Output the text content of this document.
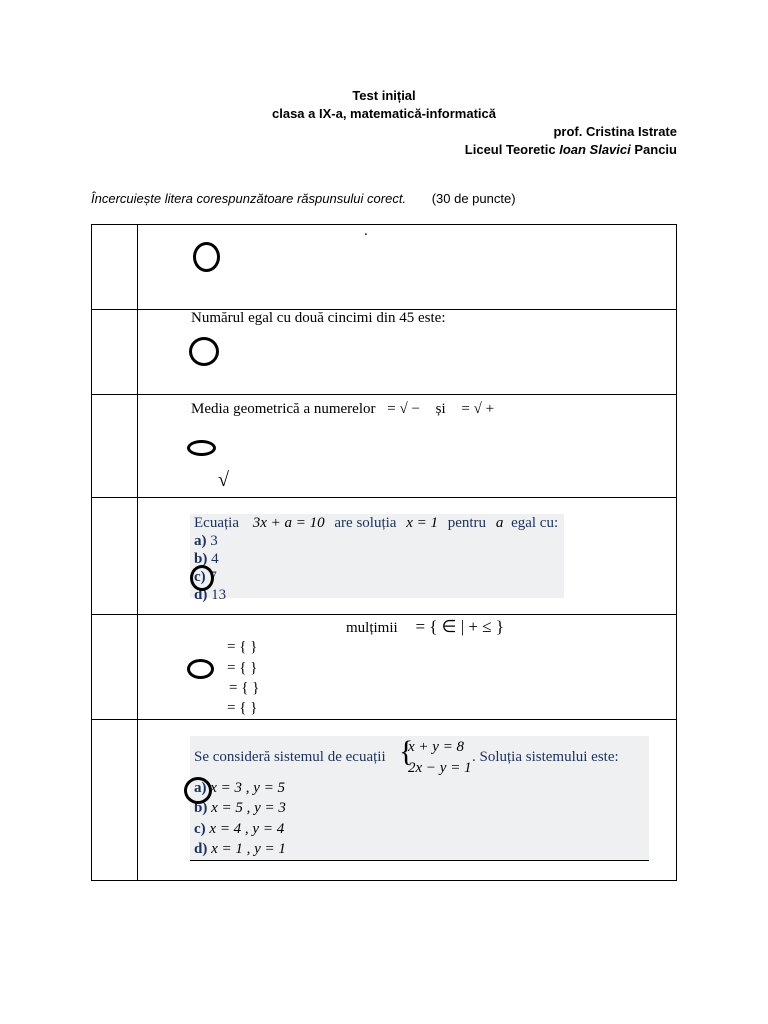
Test inițial
clasa a IX-a, matematică-informatică
prof. Cristina Istrate
Liceul Teoretic Ioan Slavici Panciu
Încercuiește litera corespunzătoare răspunsului corect. (30 de puncte)
.
Numărul egal cu două cincimi din 45 este:
Media geometrică a numerelor = √ − și = √ +
√
Ecuația 3x + a = 10 are soluția x = 1 pentru a egal cu:
a) 3
b) 4
c) 7
d) 13
mulțimii = { ∈ | + ≤ }
= { }
= { }
= { }
= { }
Se consideră sistemul de ecuații {
x + y = 8
2x − y = 1
. Soluția sistemului este:
a) x = 3 , y = 5
b) x = 5 , y = 3
c) x = 4 , y = 4
d) x = 1 , y = 1
